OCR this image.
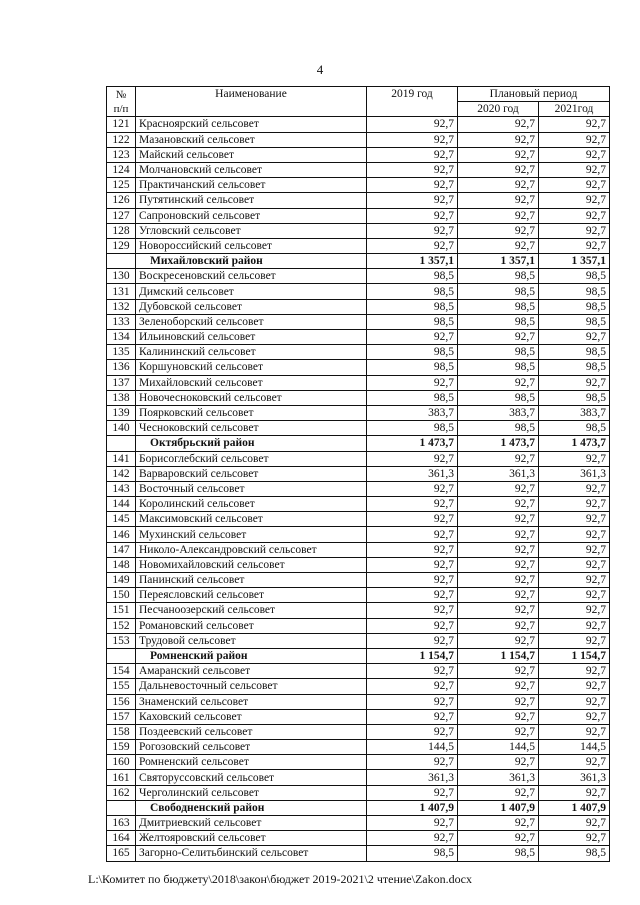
4
№
п/п	Наименование	2019 год	Плановый период	
			2020 год	2021год
121	Красноярский сельсовет	92,7	92,7	92,7
122	Мазановский сельсовет	92,7	92,7	92,7
123	Майский сельсовет	92,7	92,7	92,7
124	Молчановский сельсовет	92,7	92,7	92,7
125	Практичанский сельсовет	92,7	92,7	92,7
126	Путятинский сельсовет	92,7	92,7	92,7
127	Сапроновский сельсовет	92,7	92,7	92,7
128	Угловский сельсовет	92,7	92,7	92,7
129	Новороссийский сельсовет	92,7	92,7	92,7
	Михайловский район	1 357,1	1 357,1	1 357,1
130	Воскресеновский сельсовет	98,5	98,5	98,5
131	Димский сельсовет	98,5	98,5	98,5
132	Дубовской сельсовет	98,5	98,5	98,5
133	Зеленоборский сельсовет	98,5	98,5	98,5
134	Ильиновский сельсовет	92,7	92,7	92,7
135	Калининский сельсовет	98,5	98,5	98,5
136	Коршуновский сельсовет	98,5	98,5	98,5
137	Михайловский сельсовет	92,7	92,7	92,7
138	Новочесноковский сельсовет	98,5	98,5	98,5
139	Поярковский сельсовет	383,7	383,7	383,7
140	Чесноковский сельсовет	98,5	98,5	98,5
	Октябрьский район	1 473,7	1 473,7	1 473,7
141	Борисоглебский сельсовет	92,7	92,7	92,7
142	Варваровский сельсовет	361,3	361,3	361,3
143	Восточный сельсовет	92,7	92,7	92,7
144	Королинский сельсовет	92,7	92,7	92,7
145	Максимовский сельсовет	92,7	92,7	92,7
146	Мухинский сельсовет	92,7	92,7	92,7
147	Николо-Александровский сельсовет	92,7	92,7	92,7
148	Новомихайловский сельсовет	92,7	92,7	92,7
149	Панинский сельсовет	92,7	92,7	92,7
150	Переясловский сельсовет	92,7	92,7	92,7
151	Песчаноозерский сельсовет	92,7	92,7	92,7
152	Романовский сельсовет	92,7	92,7	92,7
153	Трудовой сельсовет	92,7	92,7	92,7
	Ромненский район	1 154,7	1 154,7	1 154,7
154	Амаранский сельсовет	92,7	92,7	92,7
155	Дальневосточный сельсовет	92,7	92,7	92,7
156	Знаменский сельсовет	92,7	92,7	92,7
157	Каховский сельсовет	92,7	92,7	92,7
158	Поздеевский сельсовет	92,7	92,7	92,7
159	Рогозовский сельсовет	144,5	144,5	144,5
160	Ромненский сельсовет	92,7	92,7	92,7
161	Святоруссовский сельсовет	361,3	361,3	361,3
162	Черголинский сельсовет	92,7	92,7	92,7
	Свободненский район	1 407,9	1 407,9	1 407,9
163	Дмитриевский сельсовет	92,7	92,7	92,7
164	Желтояровский сельсовет	92,7	92,7	92,7
165	Загорно-Селитьбинский сельсовет	98,5	98,5	98,5
L:\Комитет по бюджету\2018\закон\бюджет 2019-2021\2 чтение\Zakon.docx
